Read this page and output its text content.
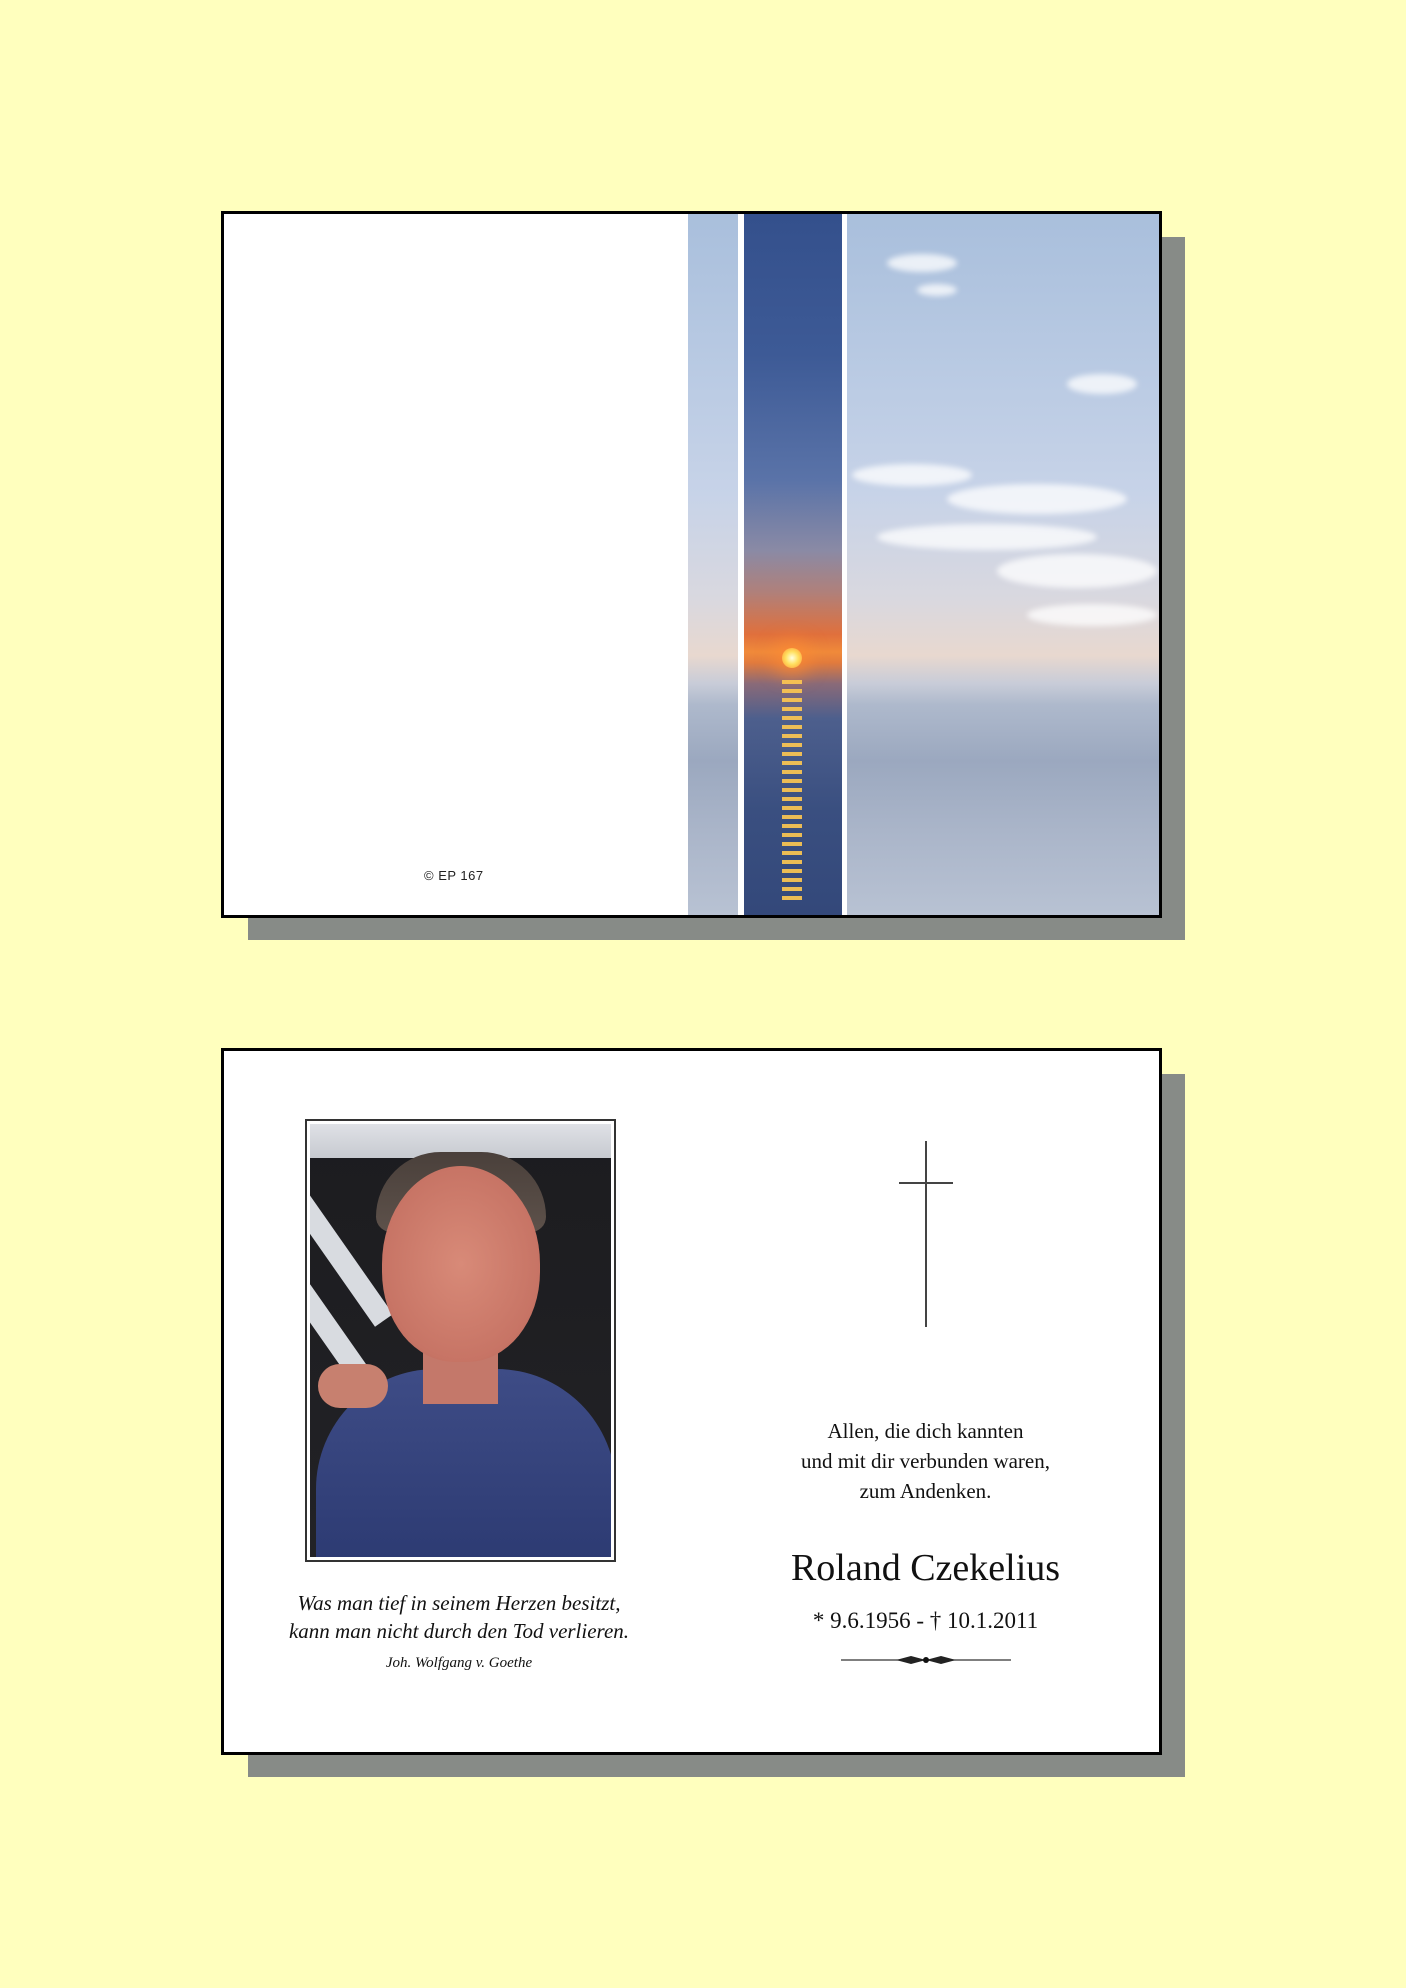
© EP 167
Was man tief in seinem Herzen besitzt,
kann man nicht durch den Tod verlieren.
Joh. Wolfgang v. Goethe
Allen, die dich kannten
und mit dir verbunden waren,
zum Andenken.
Roland Czekelius
* 9.6.1956 - † 10.1.2011
